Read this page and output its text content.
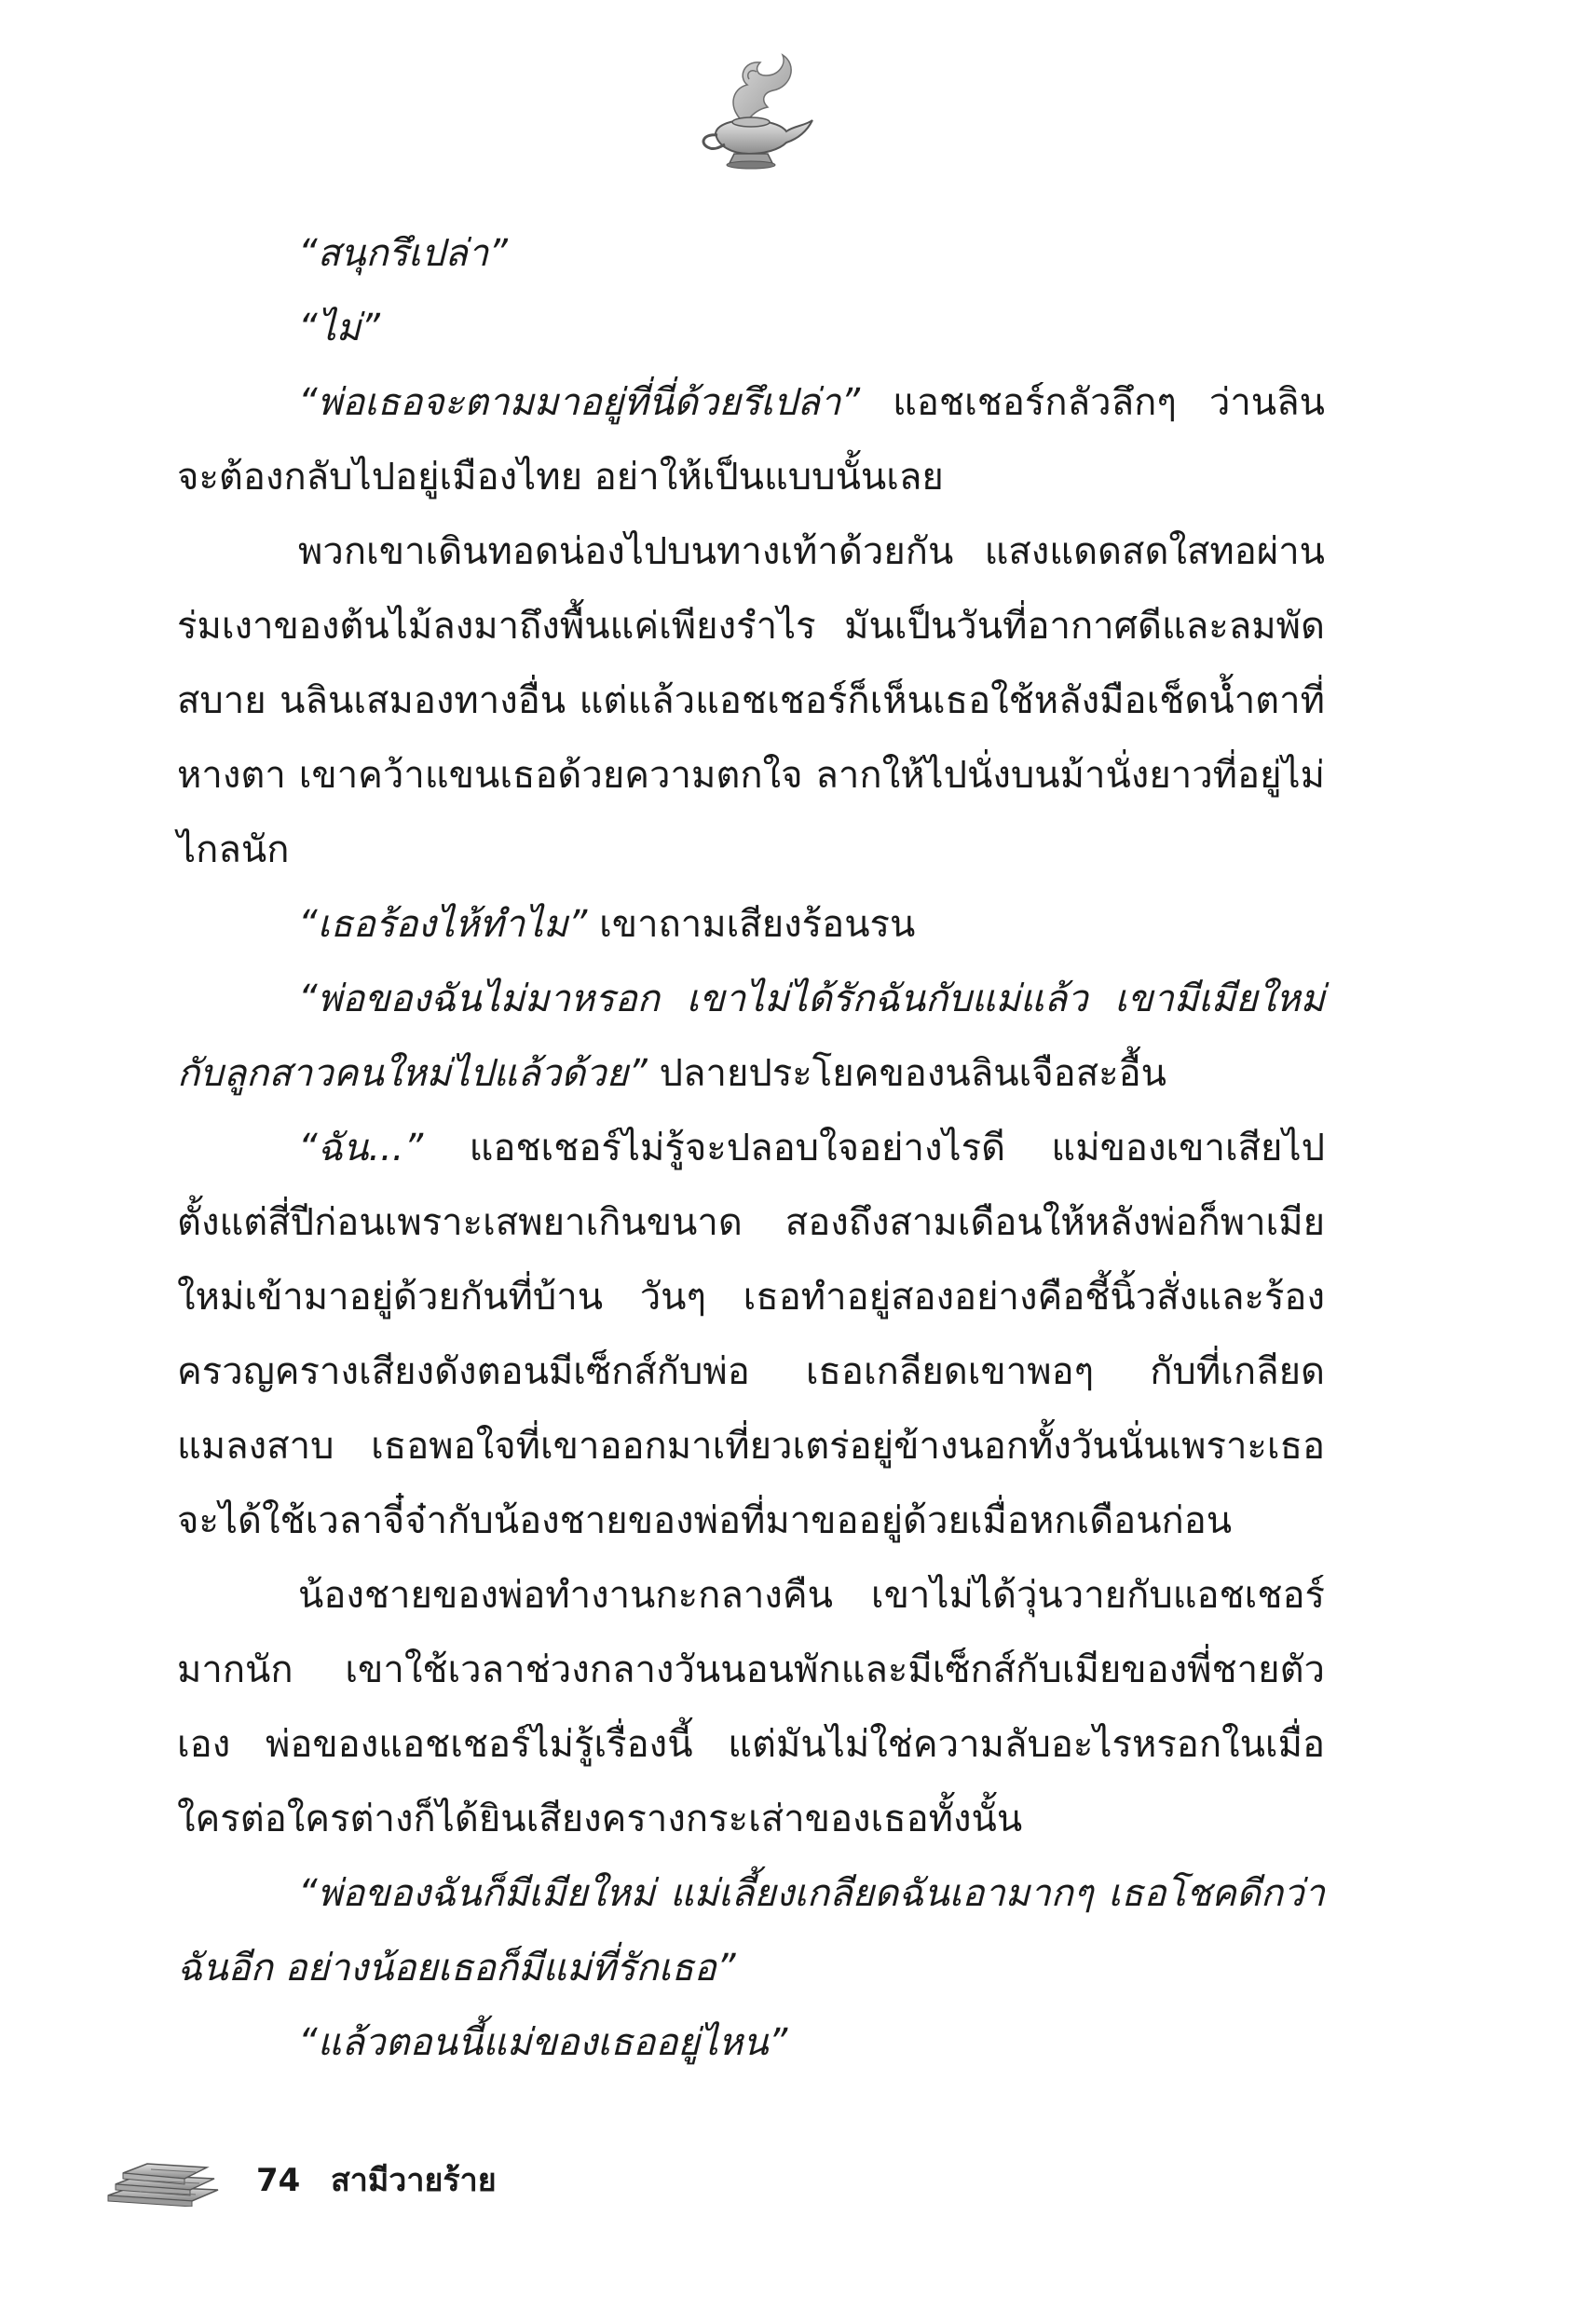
“สนุกรึเปล่า”

“ไม่”

“พ่อเธอจะตามมาอยู่ที่นี่ด้วยรึเปล่า” แอชเชอร์กลัวลึกๆ ว่านลินจะต้องกลับไปอยู่เมืองไทย อย่าให้เป็นแบบนั้นเลย

พวกเขาเดินทอดน่องไปบนทางเท้าด้วยกัน แสงแดดสดใสทอผ่านร่มเงาของต้นไม้ลงมาถึงพื้นแค่เพียงรำไร มันเป็นวันที่อากาศดีและลมพัดสบาย นลินเสมองทางอื่น แต่แล้วแอชเชอร์ก็เห็นเธอใช้หลังมือเช็ดน้ำตาที่หางตา เขาคว้าแขนเธอด้วยความตกใจ ลากให้ไปนั่งบนม้านั่งยาวที่อยู่ไม่ไกลนัก

“เธอร้องไห้ทำไม” เขาถามเสียงร้อนรน

“พ่อของฉันไม่มาหรอก เขาไม่ได้รักฉันกับแม่แล้ว เขามีเมียใหม่กับลูกสาวคนใหม่ไปแล้วด้วย” ปลายประโยคของนลินเจือสะอื้น

“ฉัน...” แอชเชอร์ไม่รู้จะปลอบใจอย่างไรดี แม่ของเขาเสียไปตั้งแต่สี่ปีก่อนเพราะเสพยาเกินขนาด สองถึงสามเดือนให้หลังพ่อก็พาเมียใหม่เข้ามาอยู่ด้วยกันที่บ้าน วันๆ เธอทำอยู่สองอย่างคือชี้นิ้วสั่งและร้องครวญครางเสียงดังตอนมีเซ็กส์กับพ่อ เธอเกลียดเขาพอๆ กับที่เกลียดแมลงสาบ เธอพอใจที่เขาออกมาเที่ยวเตร่อยู่ข้างนอกทั้งวันนั่นเพราะเธอจะได้ใช้เวลาจี๋จ๋ากับน้องชายของพ่อที่มาขออยู่ด้วยเมื่อหกเดือนก่อน

น้องชายของพ่อทำงานกะกลางคืน เขาไม่ได้วุ่นวายกับแอชเชอร์มากนัก เขาใช้เวลาช่วงกลางวันนอนพักและมีเซ็กส์กับเมียของพี่ชายตัวเอง พ่อของแอชเชอร์ไม่รู้เรื่องนี้ แต่มันไม่ใช่ความลับอะไรหรอกในเมื่อใครต่อใครต่างก็ได้ยินเสียงครางกระเส่าของเธอทั้งนั้น

“พ่อของฉันก็มีเมียใหม่ แม่เลี้ยงเกลียดฉันเอามากๆ เธอโชคดีกว่าฉันอีก อย่างน้อยเธอก็มีแม่ที่รักเธอ”

“แล้วตอนนี้แม่ของเธออยู่ไหน”

74 สามีวายร้าย
